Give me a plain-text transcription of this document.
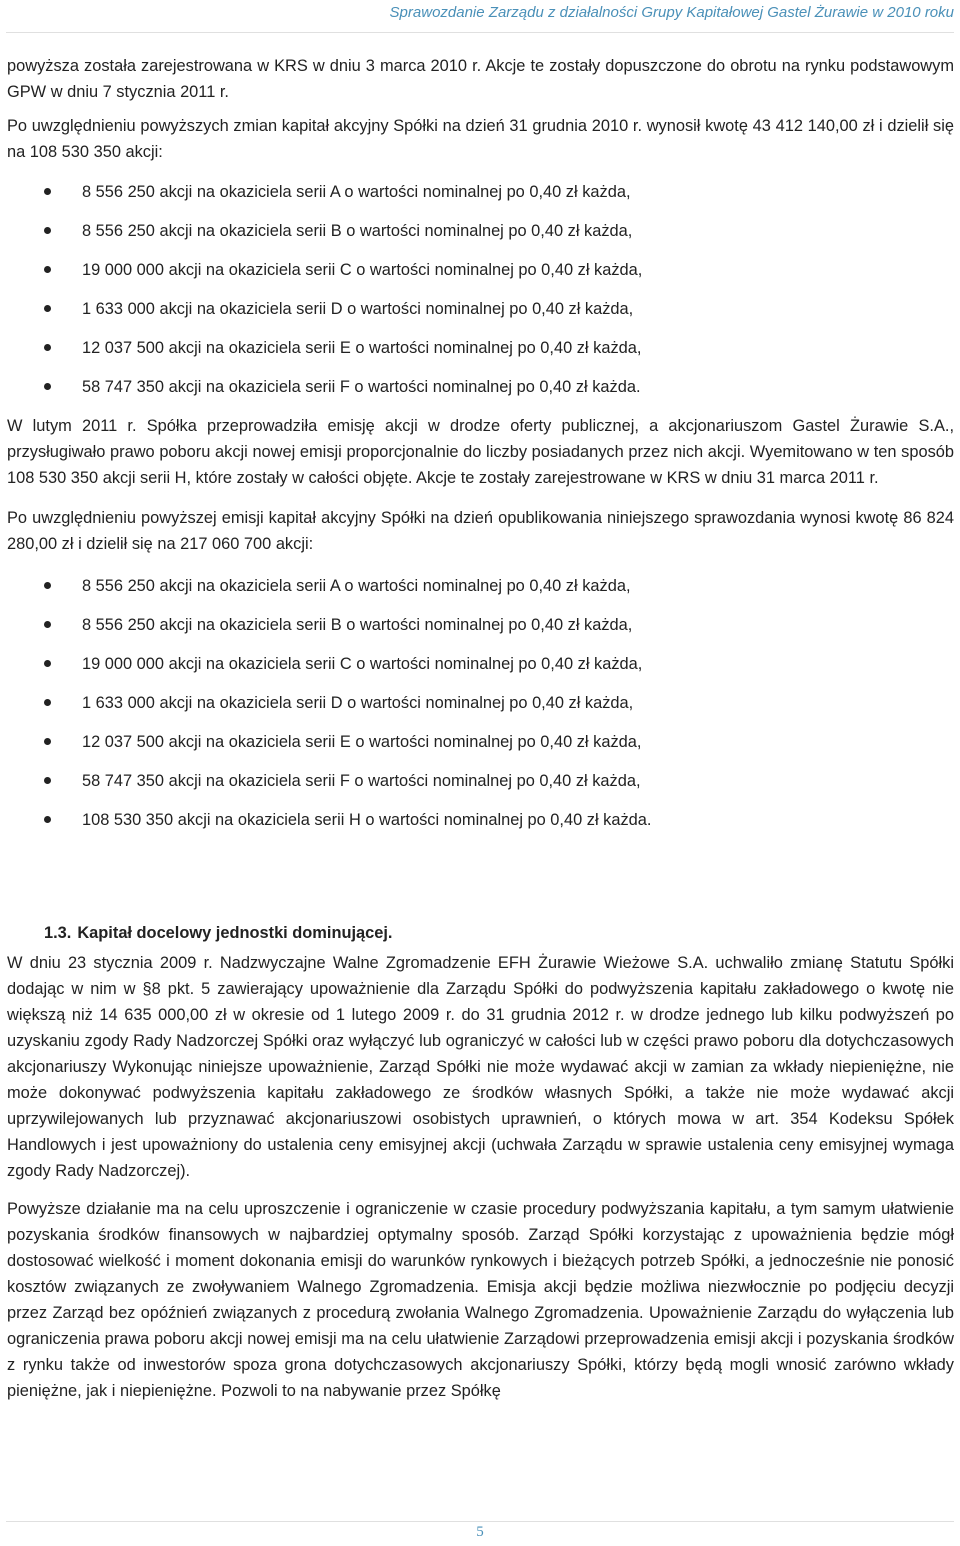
Sprawozdanie Zarządu z działalności Grupy Kapitałowej Gastel Żurawie w 2010 roku

powyższa została zarejestrowana w KRS w dniu 3 marca 2010 r. Akcje te zostały dopuszczone do obrotu na rynku podstawowym GPW w dniu 7 stycznia 2011 r.

Po uwzględnieniu powyższych zmian kapitał akcyjny Spółki na dzień 31 grudnia 2010 r. wynosił kwotę 43 412 140,00 zł i dzielił się na 108 530 350 akcji:

8 556 250 akcji na okaziciela serii A o wartości nominalnej po 0,40 zł każda,
8 556 250 akcji na okaziciela serii B o wartości nominalnej po 0,40 zł każda,
19 000 000 akcji na okaziciela serii C o wartości nominalnej po 0,40 zł każda,
1 633 000 akcji na okaziciela serii D o wartości nominalnej po 0,40 zł każda,
12 037 500 akcji na okaziciela serii E o wartości nominalnej po 0,40 zł każda,
58 747 350 akcji na okaziciela serii F o wartości nominalnej po 0,40 zł każda.

W lutym 2011 r. Spółka przeprowadziła emisję akcji w drodze oferty publicznej, a akcjonariuszom Gastel Żurawie S.A., przysługiwało prawo poboru akcji nowej emisji proporcjonalnie do liczby posiadanych przez nich akcji. Wyemitowano w ten sposób 108 530 350 akcji serii H, które zostały w całości objęte. Akcje te zostały zarejestrowane w KRS w dniu 31 marca 2011 r.

Po uwzględnieniu powyższej emisji kapitał akcyjny Spółki na dzień opublikowania niniejszego sprawozdania wynosi kwotę 86 824 280,00 zł i dzielił się na 217 060 700 akcji:

8 556 250 akcji na okaziciela serii A o wartości nominalnej po 0,40 zł każda,
8 556 250 akcji na okaziciela serii B o wartości nominalnej po 0,40 zł każda,
19 000 000 akcji na okaziciela serii C o wartości nominalnej po 0,40 zł każda,
1 633 000 akcji na okaziciela serii D o wartości nominalnej po 0,40 zł każda,
12 037 500 akcji na okaziciela serii E o wartości nominalnej po 0,40 zł każda,
58 747 350 akcji na okaziciela serii F o wartości nominalnej po 0,40 zł każda,
108 530 350 akcji na okaziciela serii H o wartości nominalnej po 0,40 zł każda.
1.3. Kapitał docelowy jednostki dominującej.

W dniu 23 stycznia 2009 r. Nadzwyczajne Walne Zgromadzenie EFH Żurawie Wieżowe S.A. uchwaliło zmianę Statutu Spółki dodając w nim w §8 pkt. 5 zawierający upoważnienie dla Zarządu Spółki do podwyższenia kapitału zakładowego o kwotę nie większą niż 14 635 000,00 zł w okresie od 1 lutego 2009 r. do 31 grudnia 2012 r. w drodze jednego lub kilku podwyższeń po uzyskaniu zgody Rady Nadzorczej Spółki oraz wyłączyć lub ograniczyć w całości lub w części prawo poboru dla dotychczasowych akcjonariuszy Wykonując niniejsze upoważnienie, Zarząd Spółki nie może wydawać akcji w zamian za wkłady niepieniężne, nie może dokonywać podwyższenia kapitału zakładowego ze środków własnych Spółki, a także nie może wydawać akcji uprzywilejowanych lub przyznawać akcjonariuszowi osobistych uprawnień, o których mowa w art. 354 Kodeksu Spółek Handlowych i jest upoważniony do ustalenia ceny emisyjnej akcji (uchwała Zarządu w sprawie ustalenia ceny emisyjnej wymaga zgody Rady Nadzorczej).

Powyższe działanie ma na celu uproszczenie i ograniczenie w czasie procedury podwyższania kapitału, a tym samym ułatwienie pozyskania środków finansowych w najbardziej optymalny sposób. Zarząd Spółki korzystając z upoważnienia będzie mógł dostosować wielkość i moment dokonania emisji do warunków rynkowych i bieżących potrzeb Spółki, a jednocześnie nie ponosić kosztów związanych ze zwoływaniem Walnego Zgromadzenia. Emisja akcji będzie możliwa niezwłocznie po podjęciu decyzji przez Zarząd bez opóźnień związanych z procedurą zwołania Walnego Zgromadzenia. Upoważnienie Zarządu do wyłączenia lub ograniczenia prawa poboru akcji nowej emisji ma na celu ułatwienie Zarządowi przeprowadzenia emisji akcji i pozyskania środków z rynku także od inwestorów spoza grona dotychczasowych akcjonariuszy Spółki, którzy będą mogli wnosić zarówno wkłady pieniężne, jak i niepieniężne. Pozwoli to na nabywanie przez Spółkę

5
